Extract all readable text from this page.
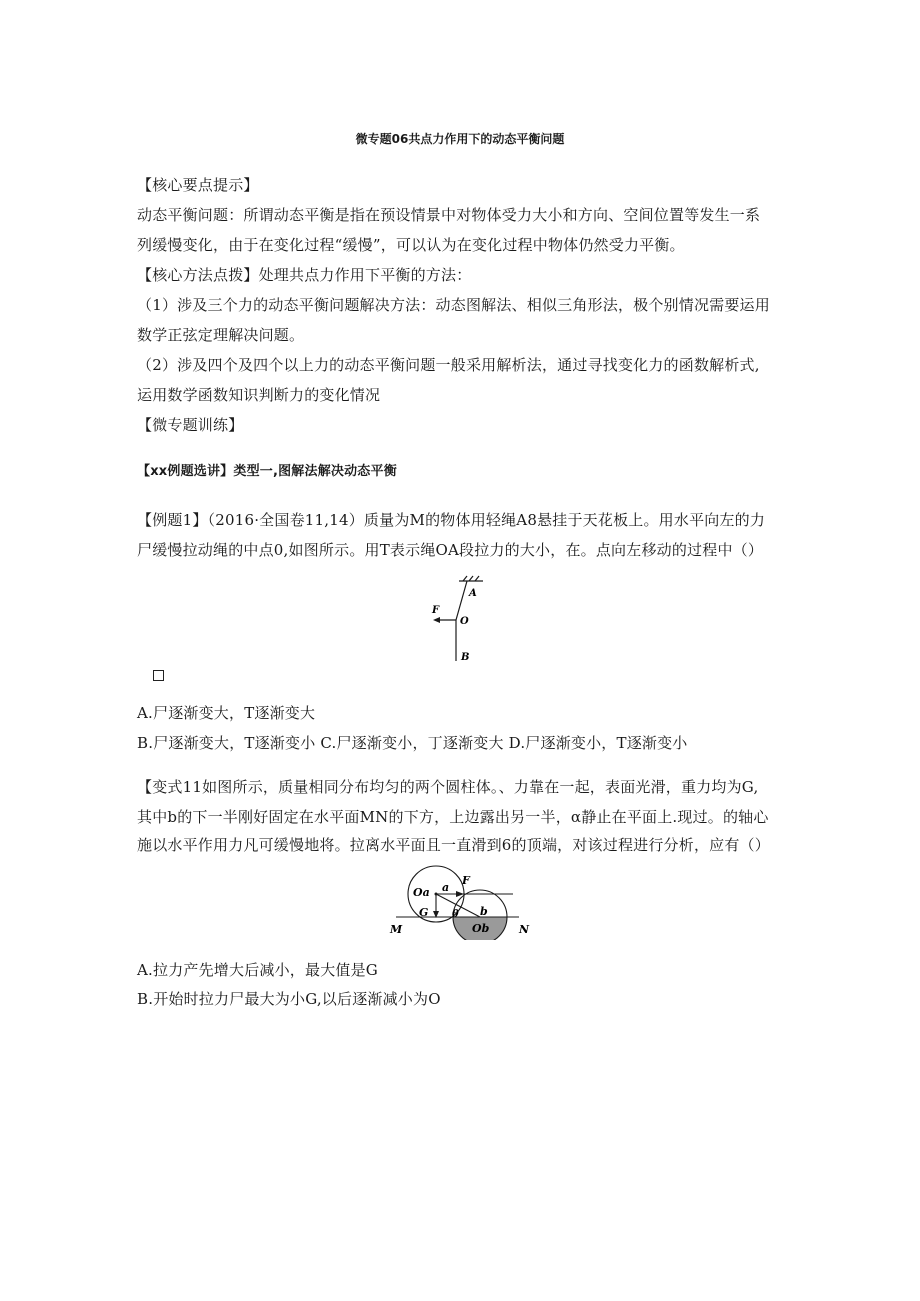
微专题06共点力作用下的动态平衡问题
【核心要点提示】
动态平衡问题：所谓动态平衡是指在预设情景中对物体受力大小和方向、空间位置等发生一系
列缓慢变化，由于在变化过程“缓慢”，可以认为在变化过程中物体仍然受力平衡。
【核心方法点拨】处理共点力作用下平衡的方法：
（1）涉及三个力的动态平衡问题解决方法：动态图解法、相似三角形法，极个别情况需要运用
数学正弦定理解决问题。
（2）涉及四个及四个以上力的动态平衡问题一般采用解析法，通过寻找变化力的函数解析式,
运用数学函数知识判断力的变化情况
【微专题训练】
【xx例题选讲】类型一,图解法解决动态平衡
【例题1】（2016·全国卷11,14）质量为M的物体用轻绳A8悬挂于天花板上。用水平向左的力
尸缓慢拉动绳的中点0,如图所示。用T表示绳OA段拉力的大小，在。点向左移动的过程中（）
A
F
O
B
A.尸逐渐变大，T逐渐变大
B.尸逐渐变大，T逐渐变小 C.尸逐渐变小，丁逐渐变大 D.尸逐渐变小，T逐渐变小
【变式11如图所示，质量相同分布均匀的两个圆柱体。、力靠在一起，表面光滑，重力均为G,
其中b的下一半刚好固定在水平面MN的下方，上边露出另一半，α静止在平面上.现过。的轴心
施以水平作用力凡可缓慢地将。拉离水平面且一直滑到6的顶端，对该过程进行分析，应有（）
Oa a
F
G θ b
Ob
M	N
A.拉力产先增大后减小，最大值是G
B.开始时拉力尸最大为小G,以后逐渐减小为O
